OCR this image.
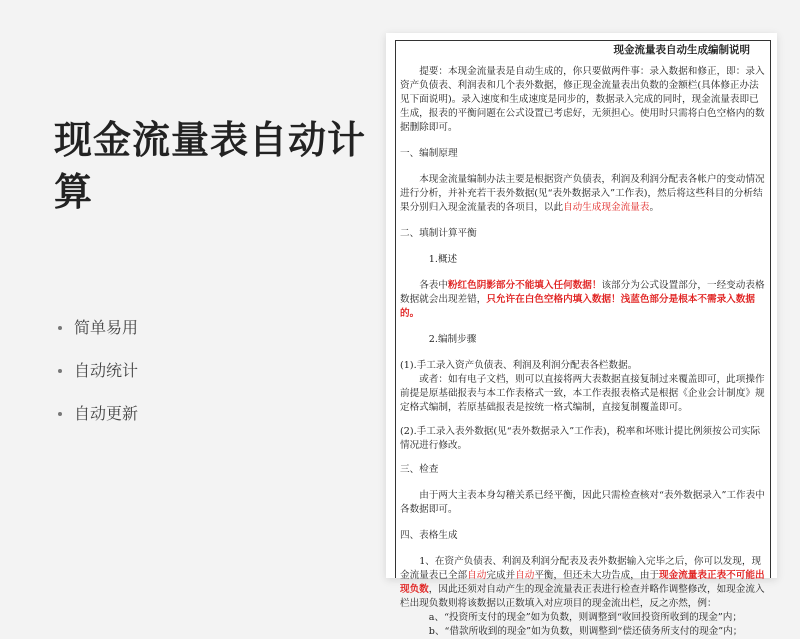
现金流量表自动计算
简单易用
自动统计
自动更新
现金流量表自动生成编制说明

提要：本现金流量表是自动生成的，你只要做两件事：录入数据和修正，即：录入资产负债表、利润表和几个表外数据，修正现金流量表出负数的金额栏(具体修正办法见下面说明)。录入速度和生成速度是同步的，数据录入完成的同时，现金流量表即已生成，报表的平衡问题在公式设置已考虑好，无须担心。使用时只需将白色空格内的数据删除即可。

一、编制原理

本现金流量编制办法主要是根据资产负债表，利润及利润分配表各帐户的变动情况进行分析，并补充若干表外数据(见“表外数据录入”工作表)，然后将这些科目的分析结果分别归入现金流量表的各项目，以此自动生成现金流量表。

二、填制计算平衡

1.概述

各表中粉红色阴影部分不能填入任何数据！该部分为公式设置部分，一经变动表格数据就会出现差错，只允许在白色空格内填入数据！浅蓝色部分是根本不需录入数据的。

2.编制步骤

(1).手工录入资产负债表、利润及利润分配表各栏数据。

或者：如有电子文档，则可以直接将两大表数据直接复制过来覆盖即可，此项操作前提是原基础报表与本工作表格式一致，本工作表报表格式是根据《企业会计制度》规定格式编制，若原基础报表是按统一格式编制，直接复制覆盖即可。

(2).手工录入表外数据(见“表外数据录入”工作表)，税率和坏账计提比例须按公司实际情况进行修改。

三、检查

由于两大主表本身勾稽关系已经平衡，因此只需检查核对“表外数据录入”工作表中各数据即可。

四、表格生成

1、在资产负债表、利润及利润分配表及表外数据输入完毕之后，你可以发现，现金流量表已全部自动完成并自动平衡，但还未大功告成，由于现金流量表正表不可能出现负数，因此还须对自动产生的现金流量表正表进行检查并略作调整修改，如现金流入栏出现负数则将该数据以正数填入对应项目的现金流出栏，反之亦然，例：

a、“投资所支付的现金”如为负数，则调整到“收回投资所收到的现金”内；

b、“借款所收到的现金”如为负数，则调整到“偿还债务所支付的现金”内；
